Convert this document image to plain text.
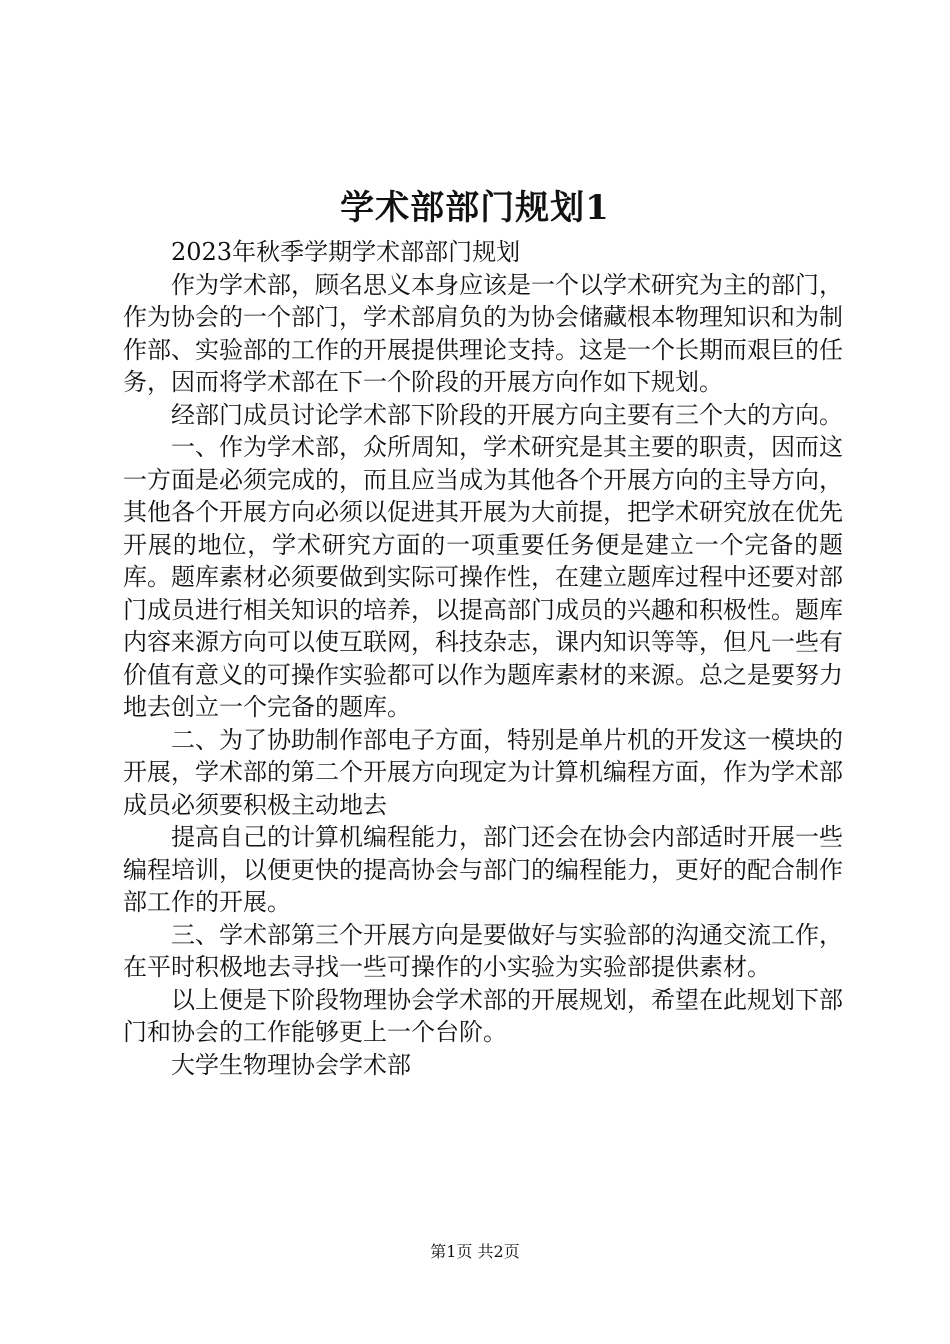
学术部部门规划1

2023年秋季学期学术部部门规划

作为学术部，顾名思义本身应该是一个以学术研究为主的部门，作为协会的一个部门，学术部肩负的为协会储藏根本物理知识和为制作部、实验部的工作的开展提供理论支持。这是一个长期而艰巨的任务，因而将学术部在下一个阶段的开展方向作如下规划。

经部门成员讨论学术部下阶段的开展方向主要有三个大的方向。

一、作为学术部，众所周知，学术研究是其主要的职责，因而这一方面是必须完成的，而且应当成为其他各个开展方向的主导方向，其他各个开展方向必须以促进其开展为大前提，把学术研究放在优先开展的地位，学术研究方面的一项重要任务便是建立一个完备的题库。题库素材必须要做到实际可操作性，在建立题库过程中还要对部门成员进行相关知识的培养，以提高部门成员的兴趣和积极性。题库内容来源方向可以使互联网，科技杂志，课内知识等等，但凡一些有价值有意义的可操作实验都可以作为题库素材的来源。总之是要努力地去创立一个完备的题库。

二、为了协助制作部电子方面，特别是单片机的开发这一模块的开展，学术部的第二个开展方向现定为计算机编程方面，作为学术部成员必须要积极主动地去

提高自己的计算机编程能力，部门还会在协会内部适时开展一些编程培训，以便更快的提高协会与部门的编程能力，更好的配合制作部工作的开展。

三、学术部第三个开展方向是要做好与实验部的沟通交流工作，在平时积极地去寻找一些可操作的小实验为实验部提供素材。

以上便是下阶段物理协会学术部的开展规划，希望在此规划下部门和协会的工作能够更上一个台阶。

大学生物理协会学术部

第1页 共2页
